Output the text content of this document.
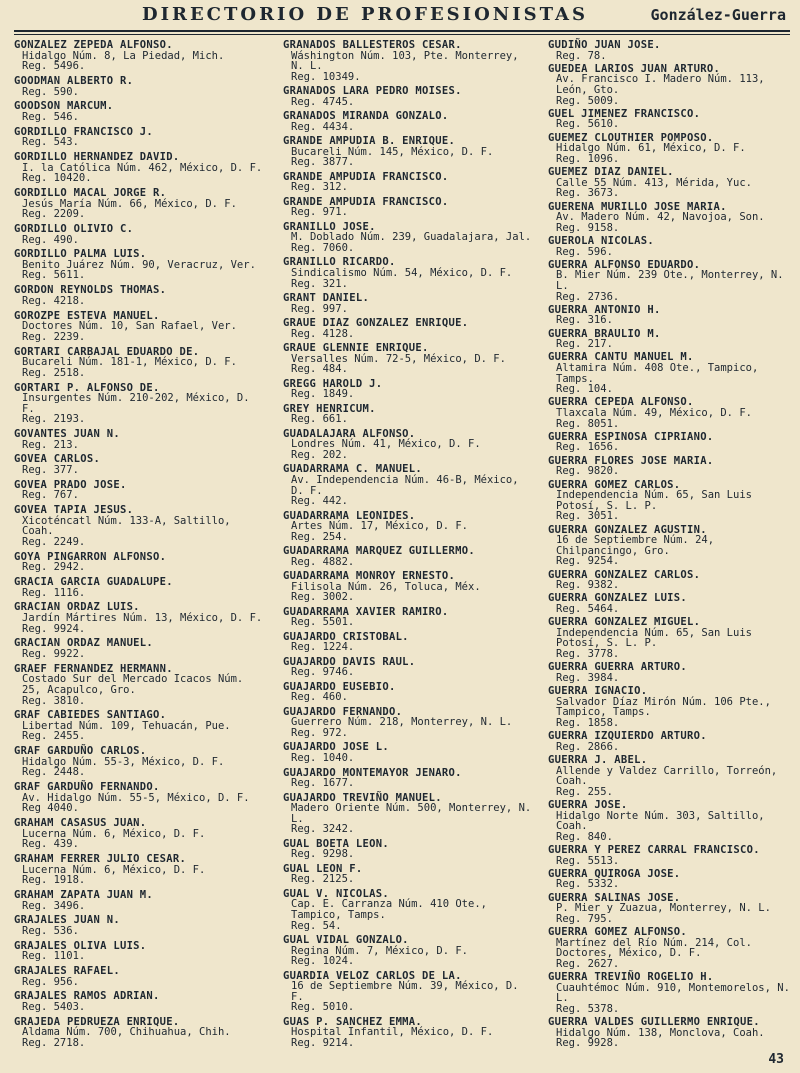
DIRECTORIO DE PROFESIONISTAS	González-Guerra
GONZALEZ ZEPEDA ALFONSO.
Hidalgo Núm. 8, La Piedad, Mich.
Reg. 5496.
GOODMAN ALBERTO R.
Reg. 590.
GOODSON MARCUM.
Reg. 546.
GORDILLO FRANCISCO J.
Reg. 543.
GORDILLO HERNANDEZ DAVID.
I. la Católica Núm. 462, México, D. F.
Reg. 10420.
GORDILLO MACAL JORGE R.
Jesús María Núm. 66, México, D. F.
Reg. 2209.
GORDILLO OLIVIO C.
Reg. 490.
GORDILLO PALMA LUIS.
Benito Juárez Núm. 90, Veracruz, Ver.
Reg. 5611.
GORDON REYNOLDS THOMAS.
Reg. 4218.
GOROZPE ESTEVA MANUEL.
Doctores Núm. 10, San Rafael, Ver.
Reg. 2239.
GORTARI CARBAJAL EDUARDO DE.
Bucareli Núm. 181-1, México, D. F.
Reg. 2518.
GORTARI P. ALFONSO DE.
Insurgentes Núm. 210-202, México, D. F.
Reg. 2193.
GOVANTES JUAN N.
Reg. 213.
GOVEA CARLOS.
Reg. 377.
GOVEA PRADO JOSE.
Reg. 767.
GOVEA TAPIA JESUS.
Xicoténcatl Núm. 133-A, Saltillo, Coah.
Reg. 2249.
GOYA PINGARRON ALFONSO.
Reg. 2942.
GRACIA GARCIA GUADALUPE.
Reg. 1116.
GRACIAN ORDAZ LUIS.
Jardín Mártires Núm. 13, México, D. F.
Reg. 9924.
GRACIAN ORDAZ MANUEL.
Reg. 9922.
GRAEF FERNANDEZ HERMANN.
Costado Sur del Mercado Icacos Núm. 25, Acapulco, Gro.
Reg. 3810.
GRAF CABIEDES SANTIAGO.
Libertad Núm. 109, Tehuacán, Pue.
Reg. 2455.
GRAF GARDUÑO CARLOS.
Hidalgo Núm. 55-3, México, D. F.
Reg. 2448.
GRAF GARDUÑO FERNANDO.
Av. Hidalgo Núm. 55-5, México, D. F.
Reg 4040.
GRAHAM CASASUS JUAN.
Lucerna Núm. 6, México, D. F.
Reg. 439.
GRAHAM FERRER JULIO CESAR.
Lucerna Núm. 6, México, D. F.
Reg. 1918.
GRAHAM ZAPATA JUAN M.
Reg. 3496.
GRAJALES JUAN N.
Reg. 536.
GRAJALES OLIVA LUIS.
Reg. 1101.
GRAJALES RAFAEL.
Reg. 956.
GRAJALES RAMOS ADRIAN.
Reg. 5403.
GRAJEDA PEDRUEZA ENRIQUE.
Aldama Núm. 700, Chihuahua, Chih.
Reg. 2718.
GRANADOS BALLESTEROS CESAR.
Wáshington Núm. 103, Pte. Monterrey, N. L.
Reg. 10349.
GRANADOS LARA PEDRO MOISES.
Reg. 4745.
GRANADOS MIRANDA GONZALO.
Reg. 4434.
GRANDE AMPUDIA B. ENRIQUE.
Bucareli Núm. 145, México, D. F.
Reg. 3877.
GRANDE AMPUDIA FRANCISCO.
Reg. 312.
GRANDE AMPUDIA FRANCISCO.
Reg. 971.
GRANILLO JOSE.
M. Doblado Núm. 239, Guadalajara, Jal.
Reg. 7060.
GRANILLO RICARDO.
Sindicalismo Núm. 54, México, D. F.
Reg. 321.
GRANT DANIEL.
Reg. 997.
GRAUE DIAZ GONZALEZ ENRIQUE.
Reg. 4128.
GRAUE GLENNIE ENRIQUE.
Versalles Núm. 72-5, México, D. F.
Reg. 484.
GREGG HAROLD J.
Reg. 1849.
GREY HENRICUM.
Reg. 661.
GUADALAJARA ALFONSO.
Londres Núm. 41, México, D. F.
Reg. 202.
GUADARRAMA C. MANUEL.
Av. Independencia Núm. 46-B, México, D. F.
Reg. 442.
GUADARRAMA LEONIDES.
Artes Núm. 17, México, D. F.
Reg. 254.
GUADARRAMA MARQUEZ GUILLERMO.
Reg. 4882.
GUADARRAMA MONROY ERNESTO.
Filisola Núm. 26, Toluca, Méx.
Reg. 3002.
GUADARRAMA XAVIER RAMIRO.
Reg. 5501.
GUAJARDO CRISTOBAL.
Reg. 1224.
GUAJARDO DAVIS RAUL.
Reg. 9746.
GUAJARDO EUSEBIO.
Reg. 460.
GUAJARDO FERNANDO.
Guerrero Núm. 218, Monterrey, N. L.
Reg. 972.
GUAJARDO JOSE L.
Reg. 1040.
GUAJARDO MONTEMAYOR JENARO.
Reg. 1677.
GUAJARDO TREVIÑO MANUEL.
Madero Oriente Núm. 500, Monterrey, N. L.
Reg. 3242.
GUAL BOETA LEON.
Reg. 9298.
GUAL LEON F.
Reg. 2125.
GUAL V. NICOLAS.
Cap. E. Carranza Núm. 410 Ote., Tampico, Tamps.
Reg. 54.
GUAL VIDAL GONZALO.
Regina Núm. 7, México, D. F.
Reg. 1024.
GUARDIA VELOZ CARLOS DE LA.
16 de Septiembre Núm. 39, México, D. F.
Reg. 5010.
GUAS P. SANCHEZ EMMA.
Hospital Infantil, México, D. F.
Reg. 9214.
GUDIÑO JUAN JOSE.
Reg. 78.
GUEDEA LARIOS JUAN ARTURO.
Av. Francisco I. Madero Núm. 113, León, Gto.
Reg. 5009.
GUEL JIMENEZ FRANCISCO.
Reg. 5610.
GUEMEZ CLOUTHIER POMPOSO.
Hidalgo Núm. 61, México, D. F.
Reg. 1096.
GUEMEZ DIAZ DANIEL.
Calle 55 Núm. 413, Mérida, Yuc.
Reg. 3673.
GUERENA MURILLO JOSE MARIA.
Av. Madero Núm. 42, Navojoa, Son.
Reg. 9158.
GUEROLA NICOLAS.
Reg. 596.
GUERRA ALFONSO EDUARDO.
B. Mier Núm. 239 Ote., Monterrey, N. L.
Reg. 2736.
GUERRA ANTONIO H.
Reg. 316.
GUERRA BRAULIO M.
Reg. 217.
GUERRA CANTU MANUEL M.
Altamira Núm. 408 Ote., Tampico, Tamps.
Reg. 104.
GUERRA CEPEDA ALFONSO.
Tlaxcala Núm. 49, México, D. F.
Reg. 8051.
GUERRA ESPINOSA CIPRIANO.
Reg. 1656.
GUERRA FLORES JOSE MARIA.
Reg. 9820.
GUERRA GOMEZ CARLOS.
Independencia Núm. 65, San Luis Potosí, S. L. P.
Reg. 3051.
GUERRA GONZALEZ AGUSTIN.
16 de Septiembre Núm. 24, Chilpancingo, Gro.
Reg. 9254.
GUERRA GONZALEZ CARLOS.
Reg. 9382.
GUERRA GONZALEZ LUIS.
Reg. 5464.
GUERRA GONZALEZ MIGUEL.
Independencia Núm. 65, San Luis Potosí, S. L. P.
Reg. 3778.
GUERRA GUERRA ARTURO.
Reg. 3984.
GUERRA IGNACIO.
Salvador Díaz Mirón Núm. 106 Pte., Tampico, Tamps.
Reg. 1858.
GUERRA IZQUIERDO ARTURO.
Reg. 2866.
GUERRA J. ABEL.
Allende y Valdez Carrillo, Torreón, Coah.
Reg. 255.
GUERRA JOSE.
Hidalgo Norte Núm. 303, Saltillo, Coah.
Reg. 840.
GUERRA Y PEREZ CARRAL FRANCISCO.
Reg. 5513.
GUERRA QUIROGA JOSE.
Reg. 5332.
GUERRA SALINAS JOSE.
P. Mier y Zuazua, Monterrey, N. L.
Reg. 795.
GUERRA GOMEZ ALFONSO.
Martínez del Río Núm. 214, Col. Doctores, México, D. F.
Reg. 2627.
GUERRA TREVIÑO ROGELIO H.
Cuauhtémoc Núm. 910, Montemorelos, N. L.
Reg. 5378.
GUERRA VALDES GUILLERMO ENRIQUE.
Hidalgo Núm. 138, Monclova, Coah.
Reg. 9928.
43
